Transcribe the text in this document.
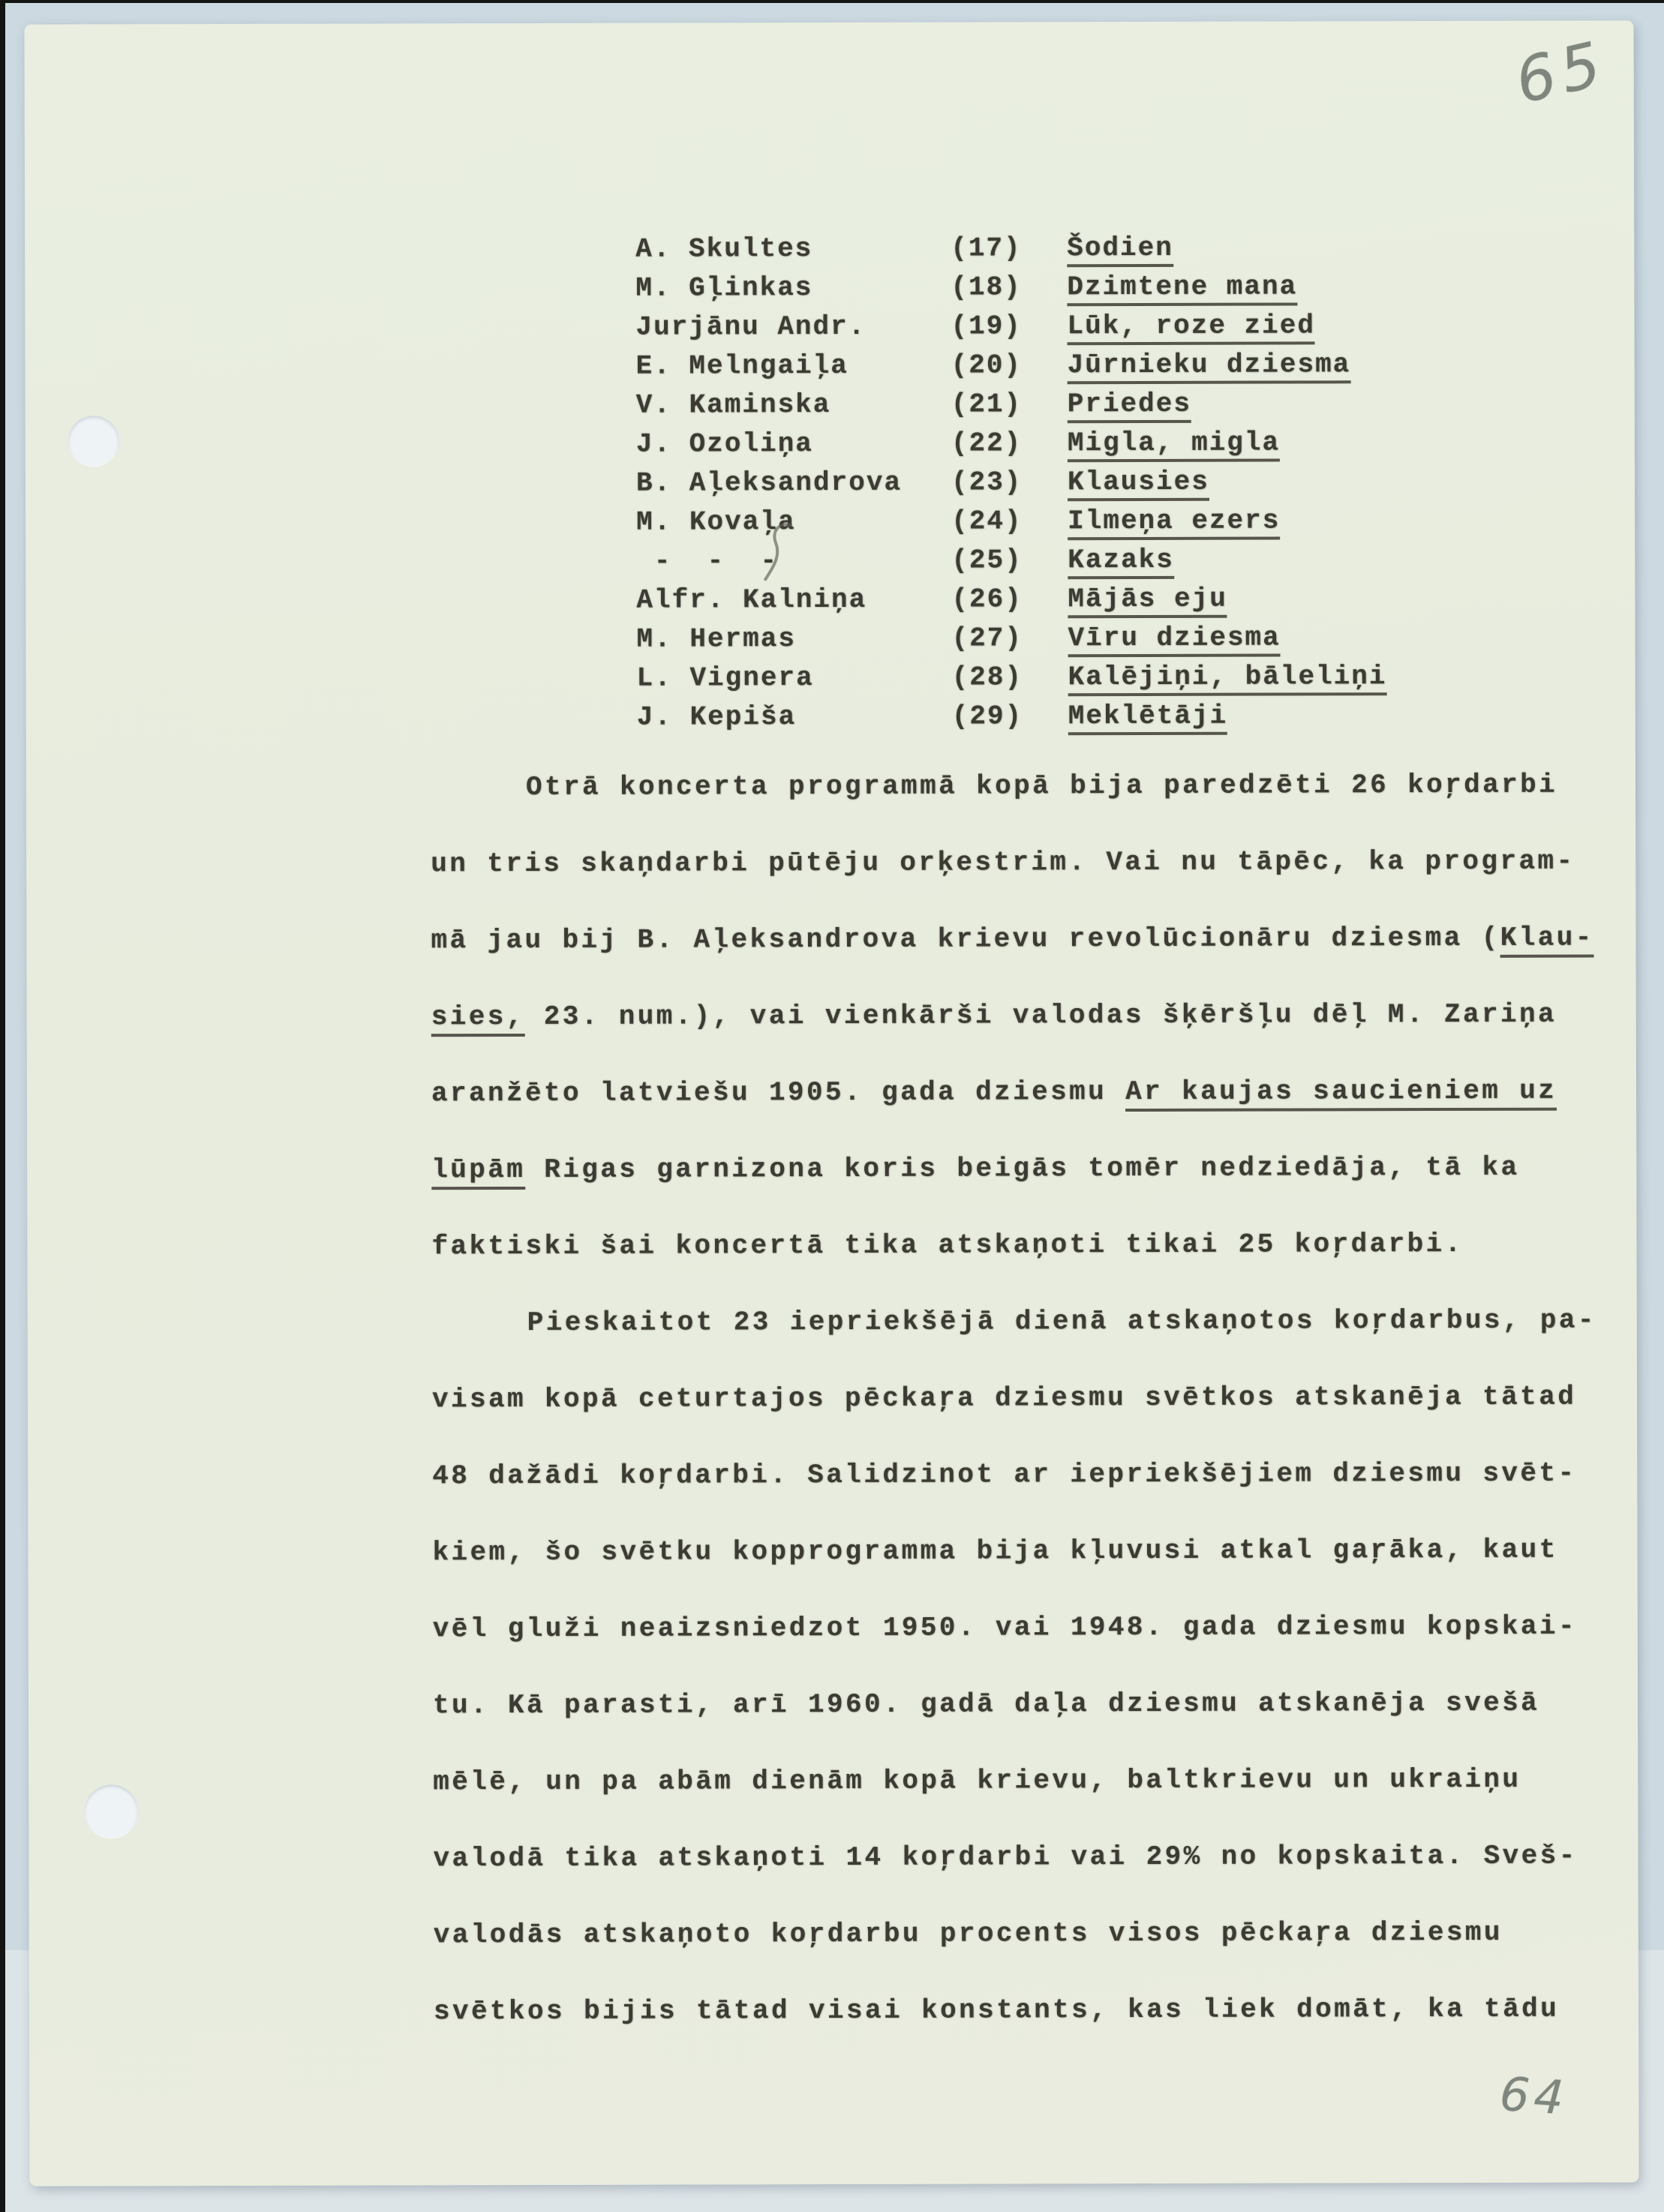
65
64
A. Skultes	(17)	Šodien
M. Gļinkas	(18)	Dzimtene mana
Jurjānu Andr.	(19)	Lūk, roze zied
E. Melngaiļa	(20)	Jūrnieku dziesma
V. Kaminska	(21)	Priedes
J. Ozoliņa	(22)	Migla, migla
B. Aļeksandrova	(23)	Klausies
M. Kovaļa	(24)	Ilmeņa ezers
-  -  -	(25)	Kazaks
Alfr. Kalniņa	(26)	Mājās eju
M. Hermas	(27)	Vīru dziesma
L. Vignera	(28)	Kalējiņi, bāleliņi
J. Kepiša	(29)	Meklētāji
Otrā koncerta programmā kopā bija paredzēti 26 koŗdarbi
un tris skaņdarbi pūtēju orķestrim. Vai nu tāpēc, ka program-
mā jau bij B. Aļeksandrova krievu revolūcionāru dziesma (Klau-
sies, 23. num.), vai vienkārši valodas šķēršļu dēļ M. Zariņa
aranžēto latviešu 1905. gada dziesmu Ar kaujas saucieniem uz
lūpām Rigas garnizona koris beigās tomēr nedziedāja, tā ka
faktiski šai koncertā tika atskaņoti tikai 25 koŗdarbi.
Pieskaitot 23 iepriekšējā dienā atskaņotos koŗdarbus, pa-
visam kopā ceturtajos pēckaŗa dziesmu svētkos atskanēja tātad
48 dažādi koŗdarbi. Salidzinot ar iepriekšējiem dziesmu svēt-
kiem, šo svētku kopprogramma bija kļuvusi atkal gaŗāka, kaut
vēl gluži neaizsniedzot 1950. vai 1948. gada dziesmu kopskai-
tu. Kā parasti, arī 1960. gadā daļa dziesmu atskanēja svešā
mēlē, un pa abām dienām kopā krievu, baltkrievu un ukraiņu
valodā tika atskaņoti 14 koŗdarbi vai 29% no kopskaita. Sveš-
valodās atskaņoto koŗdarbu procents visos pēckaŗa dziesmu
svētkos bijis tātad visai konstants, kas liek domāt, ka tādu
